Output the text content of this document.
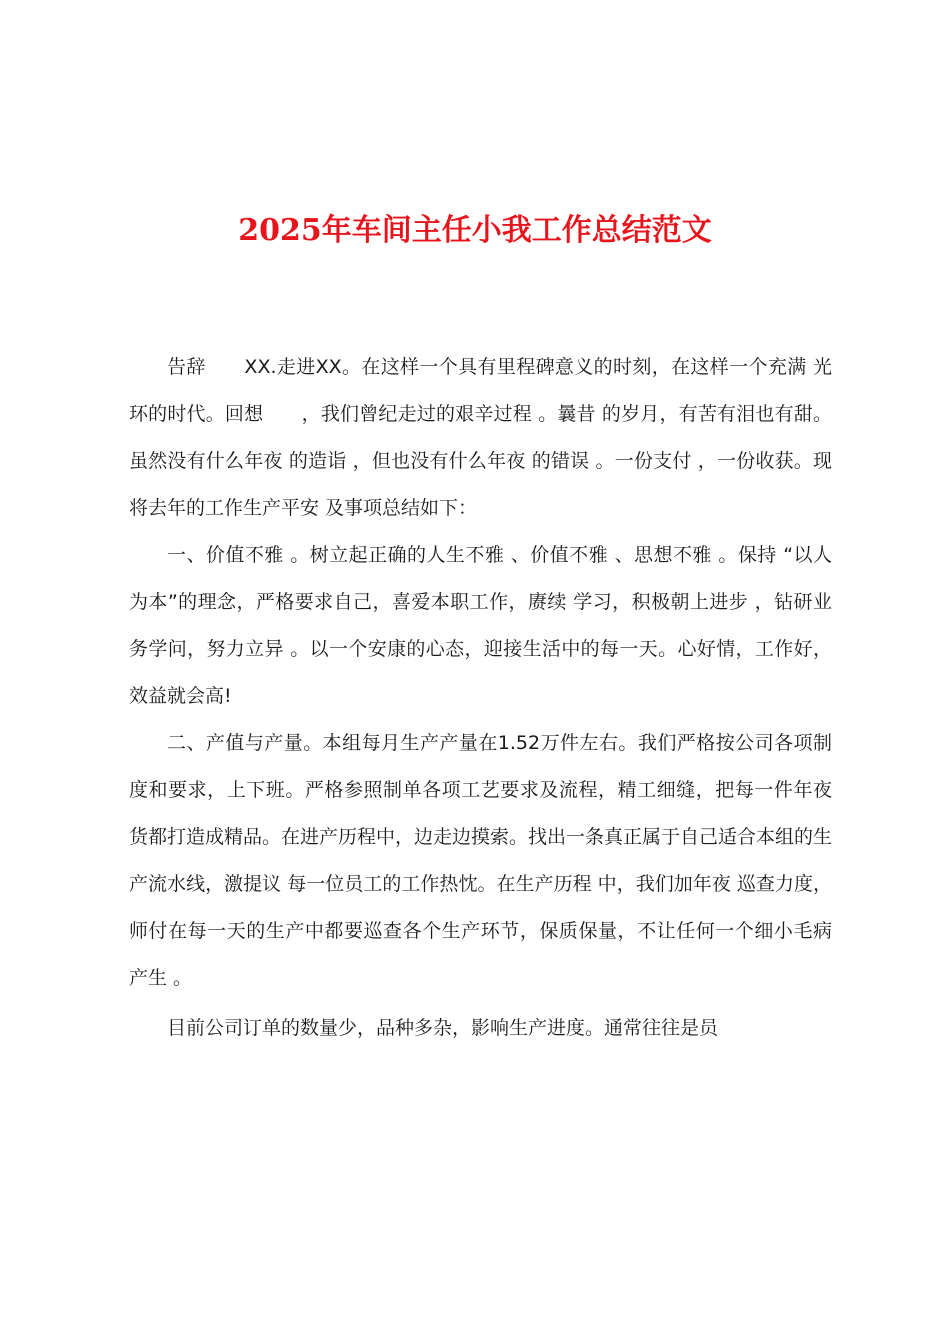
2025年车间主任小我工作总结范文

告辞　　XX.走进XX。在这样一个具有里程碑意义的时刻，在这样一个充满 光环的时代。回想　　，我们曾纪走过的艰辛过程 。曩昔 的岁月，有苦有泪也有甜。虽然没有什么年夜 的造诣 ，但也没有什么年夜 的错误 。一份支付 ，一份收获。现将去年的工作生产平安 及事项总结如下：

一、价值不雅 。树立起正确的人生不雅 、价值不雅 、思想不雅 。保持 “以人为本”的理念，严格要求自己，喜爱本职工作，赓续 学习，积极朝上进步 ，钻研业务学问，努力立异 。以一个安康的心态，迎接生活中的每一天。心好情，工作好，效益就会高!

二、产值与产量。本组每月生产产量在1.52万件左右。我们严格按公司各项制度和要求，上下班。严格参照制单各项工艺要求及流程，精工细缝，把每一件年夜 货都打造成精品。在进产历程中，边走边摸索。找出一条真正属于自己适合本组的生产流水线，激提议 每一位员工的工作热忱。在生产历程 中，我们加年夜 巡查力度，师付在每一天的生产中都要巡查各个生产环节，保质保量，不让任何一个细小毛病 产生 。

目前公司订单的数量少，品种多杂，影响生产进度。通常往往是员
